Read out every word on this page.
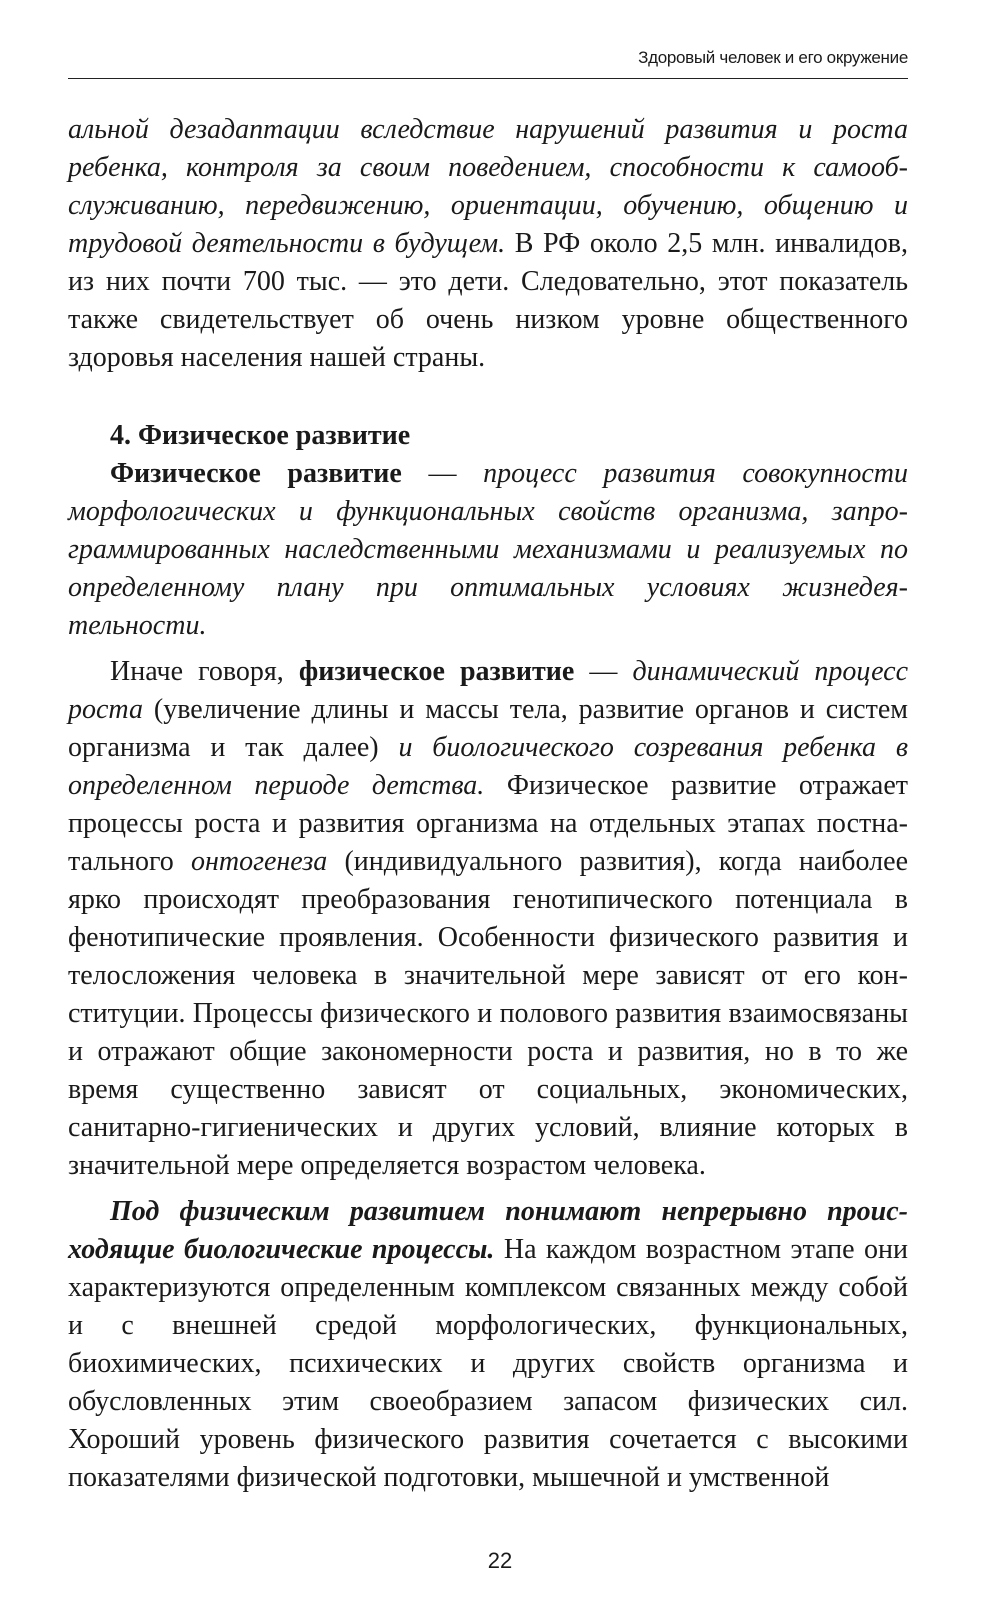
Здоровый человек и его окружение

альной дезадаптации вследствие нарушений развития и роста ребенка, контроля за своим поведением, способности к самообслуживанию, передвижению, ориентации, обучению, общению и трудовой деятельности в будущем. В РФ около 2,5 млн. инвалидов, из них почти 700 тыс. — это дети. Следовательно, этот показатель также свидетельствует об очень низком уровне общественного здоровья населения нашей страны.

4. Физическое развитие

Физическое развитие — процесс развития совокупности морфологических и функциональных свойств организма, запрограммированных наследственными механизмами и реализуемых по определенному плану при оптимальных условиях жизнедеятельности.

Иначе говоря, физическое развитие — динамический процесс роста (увеличение длины и массы тела, развитие органов и систем организма и так далее) и биологического созревания ребенка в определенном периоде детства. Физическое развитие отражает процессы роста и развития организма на отдельных этапах постнатального онтогенеза (индивидуального развития), когда наиболее ярко происходят преобразования генотипического потенциала в фенотипические проявления. Особенности физического развития и телосложения человека в значительной мере зависят от его конституции. Процессы физического и полового развития взаимосвязаны и отражают общие закономерности роста и развития, но в то же время существенно зависят от социальных, экономических, санитарно-гигиенических и других условий, влияние которых в значительной мере определяется возрастом человека.

Под физическим развитием понимают непрерывно происходящие биологические процессы. На каждом возрастном этапе они характеризуются определенным комплексом связанных между собой и с внешней средой морфологических, функциональных, биохимических, психических и других свойств организма и обусловленных этим своеобразием запасом физических сил. Хороший уровень физического развития сочетается с высокими показателями физической подготовки, мышечной и умственной

22
